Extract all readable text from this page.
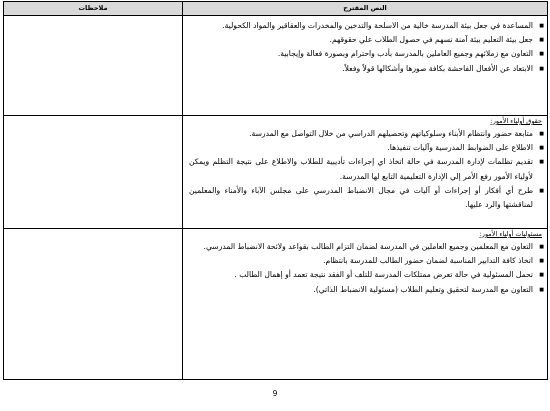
ملاحظات	النص المقترح
■ المساعدة في جعل بيئة المدرسة خالية من الاسلحة والتدخين والمخدرات والعقاقير والمواد الكحولية.
■ جعل بيئة التعليم بيئة آمنة تسهم في حصول الطلاب علي حقوقهم.
■ التعاون مع زملائهم وجميع العاملين بالمدرسة بأدب واحترام وبصورة فعالة وإيجابية.
■ الابتعاد عن الأفعال الفاحشة بكافة صورها وأشكالها قولاً وفعلاً.
حقوق أولياء الأمور:
■ متابعة حضور وانتظام الأبناء وسلوكياتهم وتحصيلهم الدراسي من خلال التواصل مع المدرسة.
■ الاطلاع على الضوابط المدرسية وآليات تنفيذها.
■ تقديم تظلمات لإدارة المدرسة في حالة اتخاذ اي إجراءات تأديبية للطلاب والاطلاع على نتيجة التظلم ويمكن لأولياء الأمور رفع الأمر إلي الإدارة التعليمية التابع لها المدرسة.
■ طرح أي أفكار أو إجراءات أو آليات في مجال الانضباط المدرسي على مجلس الآباء والأمناء والمعلمين لمناقشتها والرد عليها.
مسئوليات أولياء الأمور:
■ التعاون مع المعلمين وجميع العاملين في المدرسة لضمان التزام الطالب بقواعد ولائحة الانضباط المدرسي.
■ اتخاذ كافة التدابير المناسبة لضمان حضور الطالب للمدرسة بانتظام.
■ تحمل المسئولية في حالة تعرض ممتلكات المدرسة للتلف أو الفقد نتيجة تعمد أو إهمال الطالب .
■ التعاون مع المدرسة لتحقيق وتعليم الطلاب (مسئولية الانضباط الذاتي).
9
